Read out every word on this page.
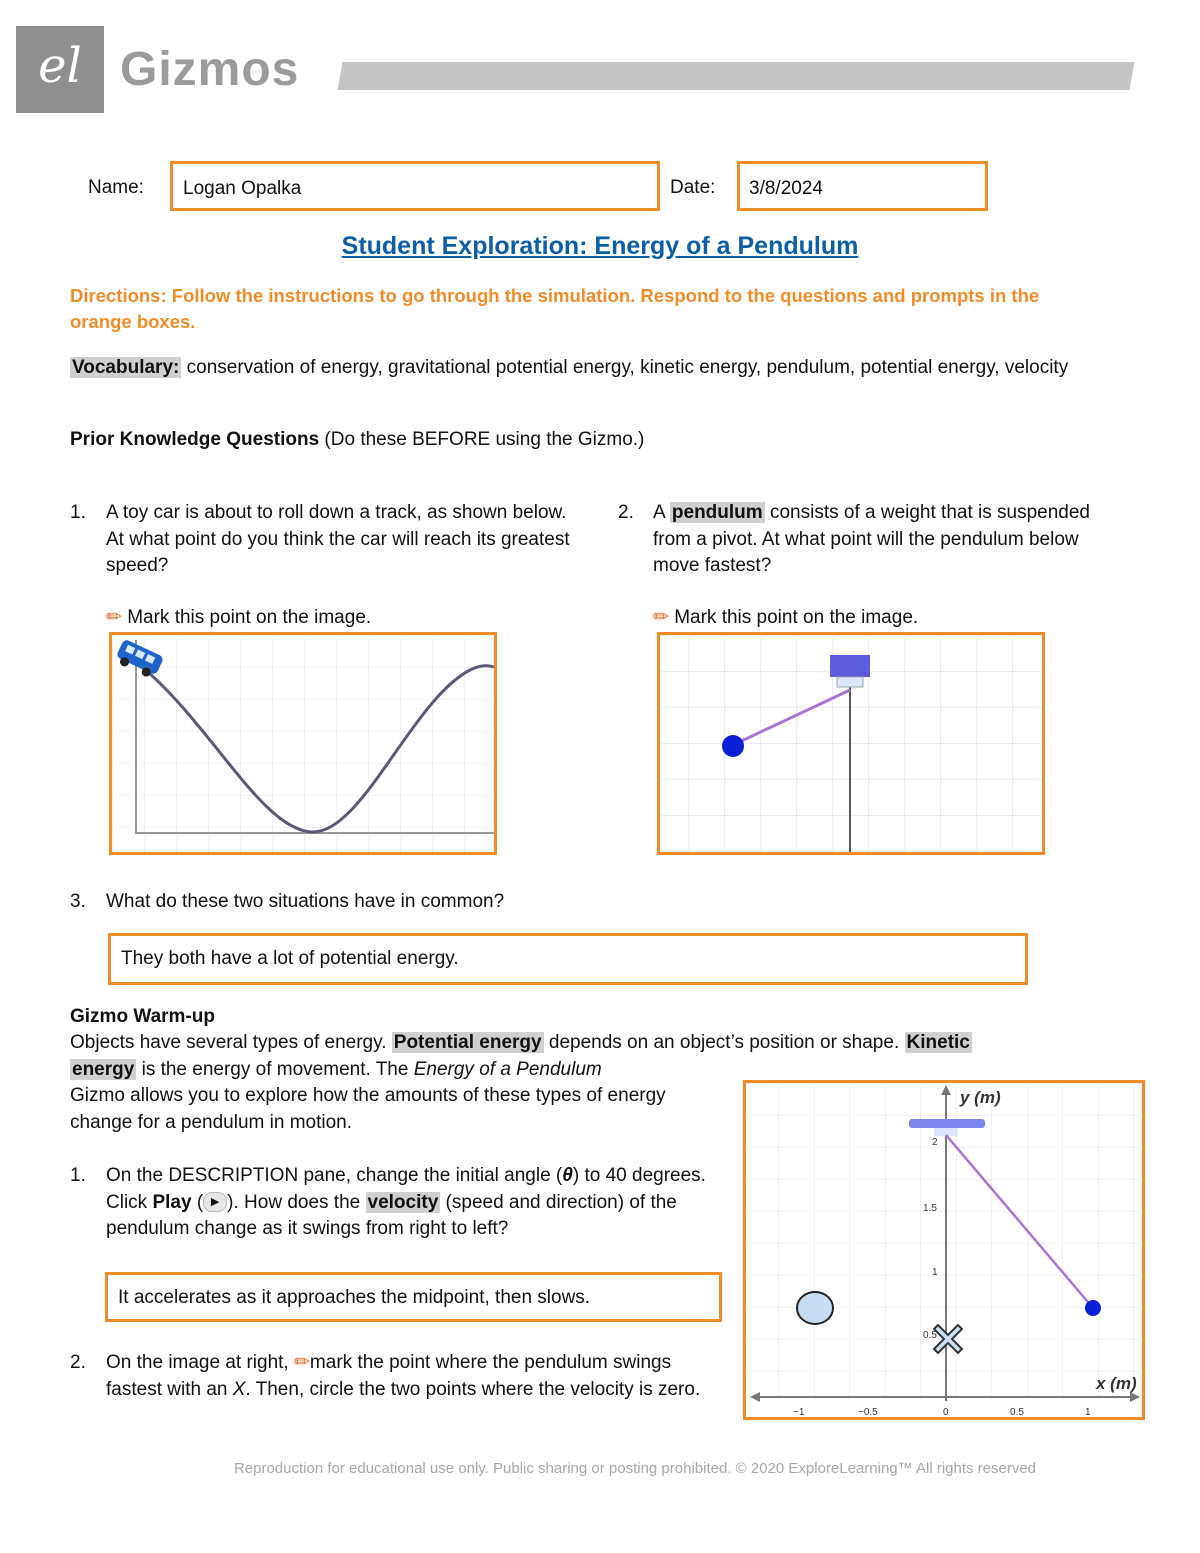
el Gizmos
Name:	Logan Opalka	Date:	3/8/2024
Student Exploration: Energy of a Pendulum
Directions: Follow the instructions to go through the simulation. Respond to the questions and prompts in the orange boxes.
Vocabulary: conservation of energy, gravitational potential energy, kinetic energy, pendulum, potential energy, velocity
Prior Knowledge Questions (Do these BEFORE using the Gizmo.)
1. A toy car is about to roll down a track, as shown below. At what point do you think the car will reach its greatest speed?
✏ Mark this point on the image.
2. A pendulum consists of a weight that is suspended from a pivot. At what point will the pendulum below move fastest?
✏ Mark this point on the image.
3. What do these two situations have in common?
They both have a lot of potential energy.
Gizmo Warm-up
Objects have several types of energy. Potential energy depends on an object’s position or shape. Kinetic
energy is the energy of movement. The Energy of a Pendulum
Gizmo allows you to explore how the amounts of these types of energy change for a pendulum in motion.
1. On the DESCRIPTION pane, change the initial angle (θ) to 40 degrees. Click Play ( ▶ ). How does the velocity (speed and direction) of the pendulum change as it swings from right to left?
It accelerates as it approaches the midpoint, then slows.
2. On the image at right, ✏mark the point where the pendulum swings fastest with an X. Then, circle the two points where the velocity is zero.
y (m)
x (m)
−1	−0.5	0	0.5	1
2
1.5
1
0.5
Reproduction for educational use only. Public sharing or posting prohibited. © 2020 ExploreLearning™ All rights reserved
